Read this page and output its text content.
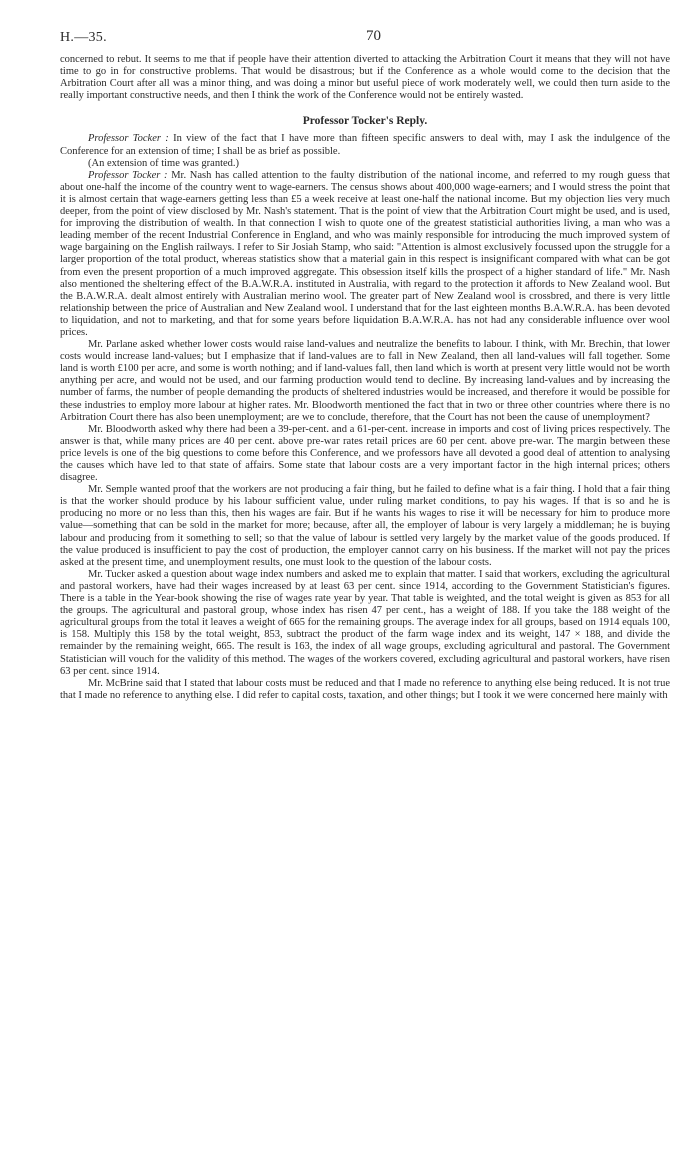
H.—35.	70

concerned to rebut. It seems to me that if people have their attention diverted to attacking the Arbitration Court it means that they will not have time to go in for constructive problems. That would be disastrous; but if the Conference as a whole would come to the decision that the Arbitration Court after all was a minor thing, and was doing a minor but useful piece of work moderately well, we could then turn aside to the really important constructive needs, and then I think the work of the Conference would not be entirely wasted.

Professor Tocker's Reply.

Professor Tocker : In view of the fact that I have more than fifteen specific answers to deal with, may I ask the indulgence of the Conference for an extension of time; I shall be as brief as possible.

(An extension of time was granted.)

Professor Tocker : Mr. Nash has called attention to the faulty distribution of the national income, and referred to my rough guess that about one-half the income of the country went to wage-earners. The census shows about 400,000 wage-earners; and I would stress the point that it is almost certain that wage-earners getting less than £5 a week receive at least one-half the national income. But my objection lies very much deeper, from the point of view disclosed by Mr. Nash's statement. That is the point of view that the Arbitration Court might be used, and is used, for improving the distribution of wealth. In that connection I wish to quote one of the greatest statisticial authorities living, a man who was a leading member of the recent Industrial Conference in England, and who was mainly responsible for introducing the much improved system of wage bargaining on the English railways. I refer to Sir Josiah Stamp, who said: "Attention is almost exclusively focussed upon the struggle for a larger proportion of the total product, whereas statistics show that a material gain in this respect is insignificant compared with what can be got from even the present proportion of a much improved aggregate. This obsession itself kills the prospect of a higher standard of life." Mr. Nash also mentioned the sheltering effect of the B.A.W.R.A. instituted in Australia, with regard to the protection it affords to New Zealand wool. But the B.A.W.R.A. dealt almost entirely with Australian merino wool. The greater part of New Zealand wool is crossbred, and there is very little relationship between the price of Australian and New Zealand wool. I understand that for the last eighteen months B.A.W.R.A. has been devoted to liquidation, and not to marketing, and that for some years before liquidation B.A.W.R.A. has not had any considerable influence over wool prices.

Mr. Parlane asked whether lower costs would raise land-values and neutralize the benefits to labour. I think, with Mr. Brechin, that lower costs would increase land-values; but I emphasize that if land-values are to fall in New Zealand, then all land-values will fall together. Some land is worth £100 per acre, and some is worth nothing; and if land-values fall, then land which is worth at present very little would not be worth anything per acre, and would not be used, and our farming production would tend to decline. By increasing land-values and by increasing the number of farms, the number of people demanding the products of sheltered industries would be increased, and therefore it would be possible for these industries to employ more labour at higher rates. Mr. Bloodworth mentioned the fact that in two or three other countries where there is no Arbitration Court there has also been unemployment; are we to conclude, therefore, that the Court has not been the cause of unemployment?

Mr. Bloodworth asked why there had been a 39-per-cent. and a 61-per-cent. increase in imports and cost of living prices respectively. The answer is that, while many prices are 40 per cent. above pre-war rates retail prices are 60 per cent. above pre-war. The margin between these price levels is one of the big questions to come before this Conference, and we professors have all devoted a good deal of attention to analysing the causes which have led to that state of affairs. Some state that labour costs are a very important factor in the high internal prices; others disagree.

Mr. Semple wanted proof that the workers are not producing a fair thing, but he failed to define what is a fair thing. I hold that a fair thing is that the worker should produce by his labour sufficient value, under ruling market conditions, to pay his wages. If that is so and he is producing no more or no less than this, then his wages are fair. But if he wants his wages to rise it will be necessary for him to produce more value—something that can be sold in the market for more; because, after all, the employer of labour is very largely a middleman; he is buying labour and producing from it something to sell; so that the value of labour is settled very largely by the market value of the goods produced. If the value produced is insufficient to pay the cost of production, the employer cannot carry on his business. If the market will not pay the prices asked at the present time, and unemployment results, one must look to the question of the labour costs.

Mr. Tucker asked a question about wage index numbers and asked me to explain that matter. I said that workers, excluding the agricultural and pastoral workers, have had their wages increased by at least 63 per cent. since 1914, according to the Government Statistician's figures. There is a table in the Year-book showing the rise of wages rate year by year. That table is weighted, and the total weight is given as 853 for all the groups. The agricultural and pastoral group, whose index has risen 47 per cent., has a weight of 188. If you take the 188 weight of the agricultural groups from the total it leaves a weight of 665 for the remaining groups. The average index for all groups, based on 1914 equals 100, is 158. Multiply this 158 by the total weight, 853, subtract the product of the farm wage index and its weight, 147 × 188, and divide the remainder by the remaining weight, 665. The result is 163, the index of all wage groups, excluding agricultural and pastoral. The Government Statistician will vouch for the validity of this method. The wages of the workers covered, excluding agricultural and pastoral workers, have risen 63 per cent. since 1914.

Mr. McBrine said that I stated that labour costs must be reduced and that I made no reference to anything else being reduced. It is not true that I made no reference to anything else. I did refer to capital costs, taxation, and other things; but I took it we were concerned here mainly with
